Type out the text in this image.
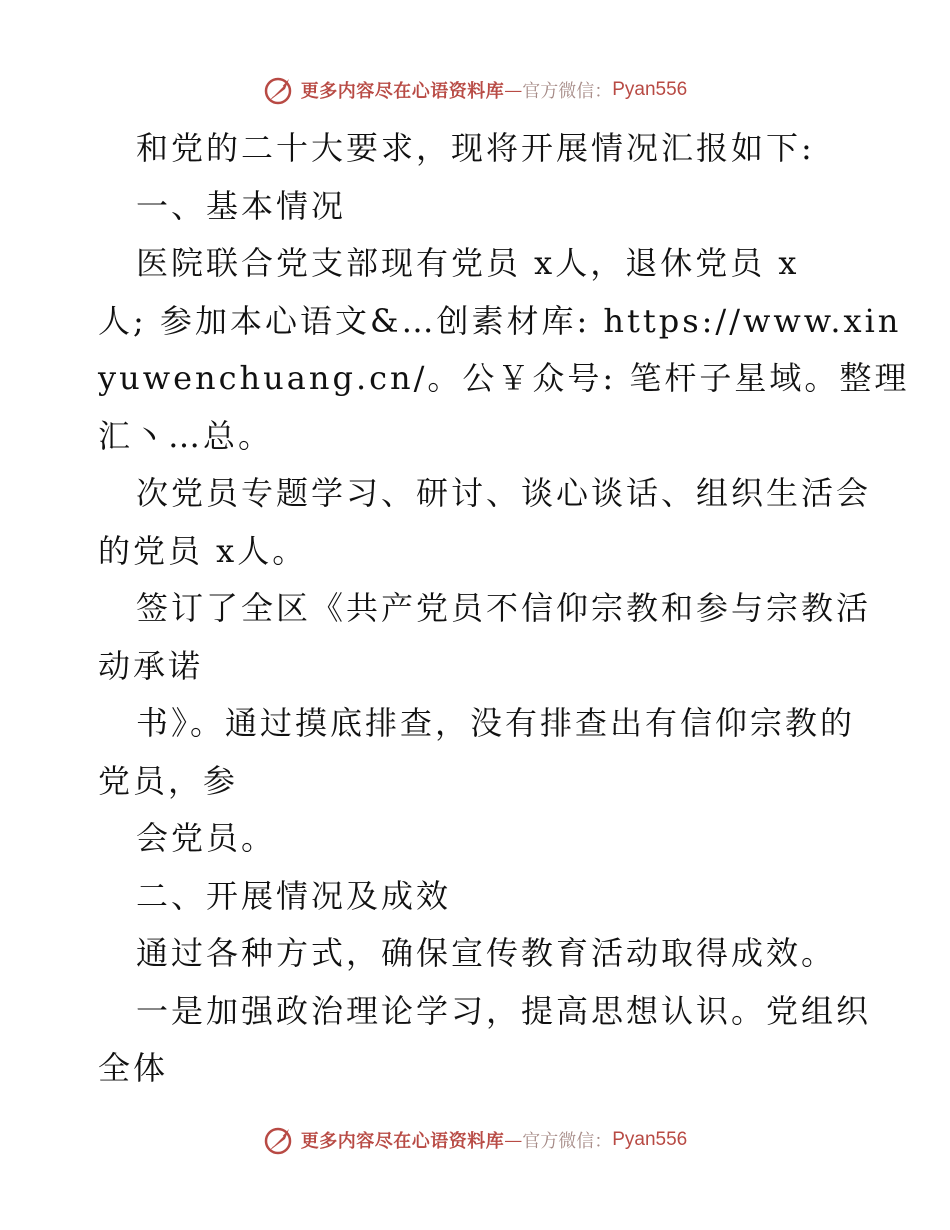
更多内容尽在心语资料库 — 官方微信： Pyan556

和党的二十大要求，现将开展情况汇报如下:

一、基本情况

医院联合党支部现有党员 x人，退休党员 x

人; 参加本心语文&…创素材库: https://www.xin

yuwenchuang.cn/。公￥众号: 笔杆子星域。整理

汇丶…总。

次党员专题学习、研讨、谈心谈话、组织生活会

的党员 x人。

签订了全区《共产党员不信仰宗教和参与宗教活

动承诺

书》。通过摸底排查，没有排查出有信仰宗教的

党员，参

会党员。

二、开展情况及成效

通过各种方式，确保宣传教育活动取得成效。

一是加强政治理论学习，提高思想认识。党组织

全体

更多内容尽在心语资料库 — 官方微信： Pyan556
